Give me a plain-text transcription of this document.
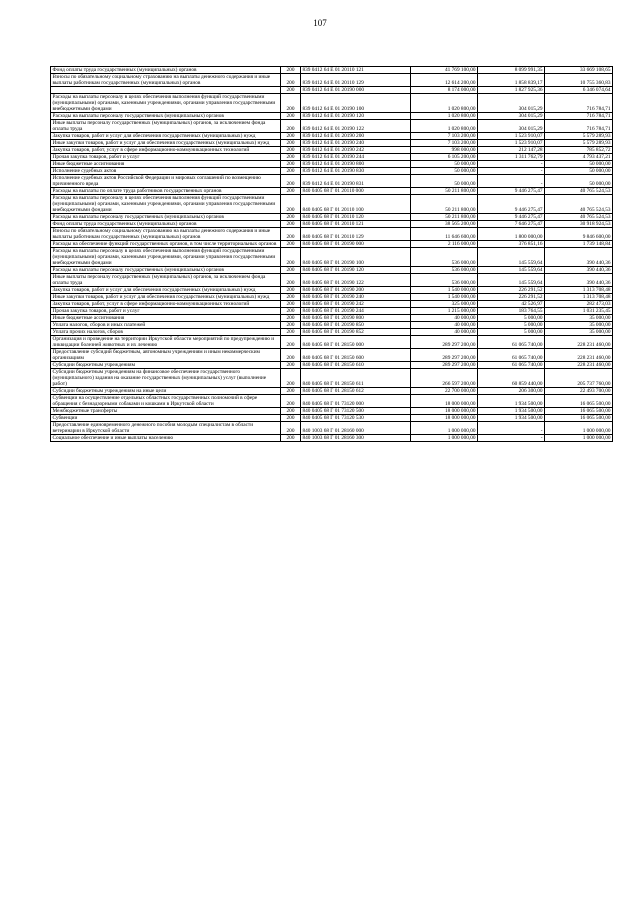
107
Фонд оплаты труда государственных (муниципальных) органов	200	839 0412 64 Е 01 20110 121	41 769 100,00	8 099 991,35	33 669 108,65
Взносы по обязательному социальному страхованию на выплаты денежного содержания и иные выплаты работникам государственных (муниципальных) органов	200	839 0412 64 Е 01 20110 129	12 614 200,00	1 858 839,17	10 755 360,83
	200	839 0412 64 Е 01 20190 000	8 174 000,00	1 827 925,36	6 346 074,64
Расходы на выплаты персоналу в целях обеспечения выполнения функций государственными (муниципальными) органами, казенными учреждениями, органами управления государственными внебюджетными фондами	200	839 0412 64 Е 01 20190 100	1 020 800,00	304 015,29	716 784,71
Расходы на выплаты персоналу государственных (муниципальных) органов	200	839 0412 64 Е 01 20190 120	1 020 800,00	304 015,29	716 784,71
Иные выплаты персоналу государственных (муниципальных) органов, за исключением фонда оплаты труда	200	839 0412 64 Е 01 20190 122	1 020 800,00	304 015,29	716 784,71
Закупка товаров, работ и услуг для обеспечения государственных (муниципальных) нужд	200	839 0412 64 Е 01 20190 200	7 103 200,00	1 523 910,07	5 579 289,93
Иные закупки товаров, работ и услуг для обеспечения государственных (муниципальных) нужд	200	839 0412 64 Е 01 20190 240	7 103 200,00	1 523 910,07	5 579 289,93
Закупка товаров, работ, услуг в сфере информационно-коммуникационных технологий	200	839 0412 64 Е 01 20190 242	998 000,00	212 147,28	785 852,72
Прочая закупка товаров, работ и услуг	200	839 0412 64 Е 01 20190 244	6 105 200,00	1 311 762,79	4 793 437,21
Иные бюджетные ассигнования	200	839 0412 64 Е 01 20190 800	50 000,00	-	50 000,00
Исполнение судебных актов	200	839 0412 64 Е 01 20190 830	50 000,00	-	50 000,00
Исполнение судебных актов Российской Федерации и мировых соглашений по возмещению причиненного вреда	200	839 0412 64 Е 01 20190 831	50 000,00	-	50 000,00
Расходы на выплаты по оплате труда работников государственных органов	200	840 0405 68 Г 01 20110 000	50 211 800,00	9 446 275,47	40 765 524,53
Расходы на выплаты персоналу в целях обеспечения выполнения функций государственными (муниципальными) органами, казенными учреждениями, органами управления государственными внебюджетными фондами	200	840 0405 68 Г 01 20110 100	50 211 800,00	9 446 275,47	40 765 524,53
Расходы на выплаты персоналу государственных (муниципальных) органов	200	840 0405 68 Г 01 20110 120	50 211 800,00	9 446 275,47	40 765 524,53
Фонд оплаты труда государственных (муниципальных) органов	200	840 0405 68 Г 01 20110 121	38 565 200,00	7 646 275,47	30 918 924,53
Взносы по обязательному социальному страхованию на выплаты денежного содержания и иные выплаты работникам государственных (муниципальных) органов	200	840 0405 68 Г 01 20110 129	11 646 600,00	1 800 000,00	9 846 600,00
Расходы на обеспечение функций государственных органов, в том числе территориальных органов	200	840 0405 68 Г 01 20190 000	2 116 000,00	376 851,16	1 739 148,84
Расходы на выплаты персоналу в целях обеспечения выполнения функций государственными (муниципальными) органами, казенными учреждениями, органами управления государственными внебюджетными фондами	200	840 0405 68 Г 01 20190 100	536 000,00	145 559,64	390 440,36
Расходы на выплаты персоналу государственных (муниципальных) органов	200	840 0405 68 Г 01 20190 120	536 000,00	145 559,64	390 440,36
Иные выплаты персоналу государственных (муниципальных) органов, за исключением фонда оплаты труда	200	840 0405 68 Г 01 20190 122	536 000,00	145 559,64	390 440,36
Закупка товаров, работ и услуг для обеспечения государственных (муниципальных) нужд	200	840 0405 68 Г 01 20190 200	1 540 000,00	226 291,52	1 313 708,48
Иные закупки товаров, работ и услуг для обеспечения государственных (муниципальных) нужд	200	840 0405 68 Г 01 20190 240	1 540 000,00	226 291,52	1 313 708,48
Закупка товаров, работ, услуг в сфере информационно-коммуникационных технологий	200	840 0405 68 Г 01 20190 242	325 000,00	42 526,97	282 473,03
Прочая закупка товаров, работ и услуг	200	840 0405 68 Г 01 20190 244	1 215 000,00	183 764,55	1 031 235,45
Иные бюджетные ассигнования	200	840 0405 68 Г 01 20190 800	40 000,00	5 000,00	35 000,00
Уплата налогов, сборов и иных платежей	200	840 0405 68 Г 01 20190 850	40 000,00	5 000,00	35 000,00
Уплата прочих налогов, сборов	200	840 0405 68 Г 01 20190 852	40 000,00	5 000,00	35 000,00
Организация и проведение на территории Иркутской области мероприятий по предупреждению и ликвидации болезней животных и их лечению	200	840 0405 68 Г 01 28150 000	289 297 200,00	61 065 740,00	228 231 460,00
Предоставление субсидий бюджетным, автономным учреждениям и иным некоммерческим организациям	200	840 0405 68 Г 01 28150 600	289 297 200,00	61 065 740,00	228 231 460,00
Субсидии бюджетным учреждениям	200	840 0405 68 Г 01 28150 610	289 297 200,00	61 065 740,00	228 231 460,00
Субсидии бюджетным учреждениям на финансовое обеспечение государственного (муниципального) задания на оказание государственных (муниципальных) услуг (выполнение работ)	200	840 0405 68 Г 01 28150 611	266 597 200,00	60 859 440,00	205 737 760,00
Субсидии бюджетным учреждениям на иные цели	200	840 0405 68 Г 01 28150 612	22 700 000,00	206 300,00	22 493 700,00
Субвенции на осуществление отдельных областных государственных полномочий в сфере обращения с безнадзорными собаками и кошками в Иркутской области	200	840 0405 68 Г 01 73120 000	18 000 000,00	1 934 500,00	16 065 500,00
Межбюджетные трансферты	200	840 0405 68 Г 01 73120 500	18 000 000,00	1 934 500,00	16 065 500,00
Субвенции	200	840 0405 68 Г 01 73120 530	18 000 000,00	1 934 500,00	16 065 500,00
Предоставление единовременного денежного пособия молодым специалистам в области ветеринарии в Иркутской области	200	840 1003 68 Г 01 28160 000	1 000 000,00	-	1 000 000,00
Социальное обеспечение и иные выплаты населению	200	840 1003 68 Г 01 28160 300	1 000 000,00	-	1 000 000,00
